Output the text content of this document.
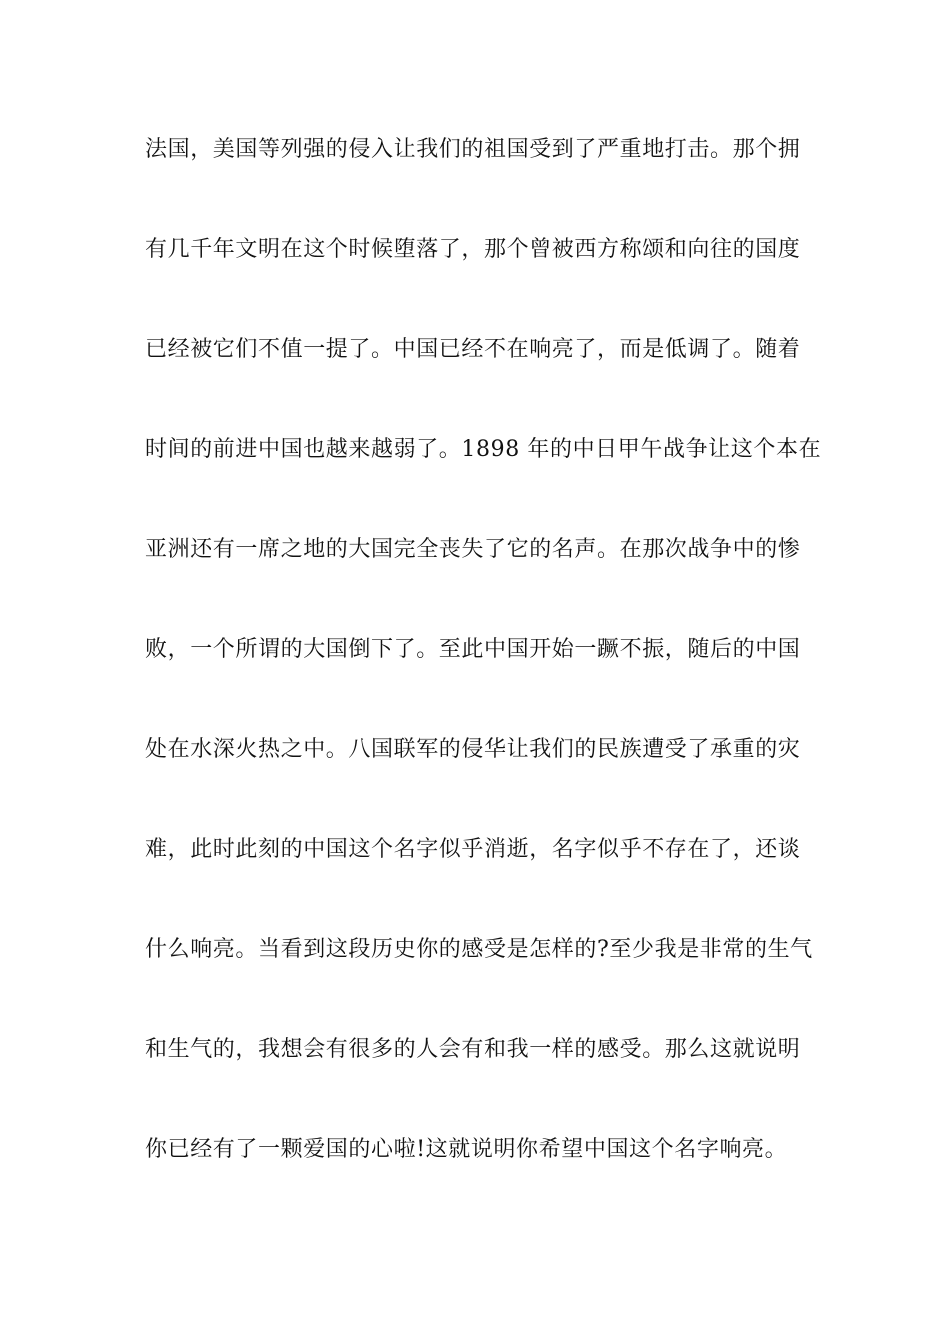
法国，美国等列强的侵入让我们的祖国受到了严重地打击。那个拥
有几千年文明在这个时候堕落了，那个曾被西方称颂和向往的国度
已经被它们不值一提了。中国已经不在响亮了，而是低调了。随着
时间的前进中国也越来越弱了。1898 年的中日甲午战争让这个本在
亚洲还有一席之地的大国完全丧失了它的名声。在那次战争中的惨
败，一个所谓的大国倒下了。至此中国开始一蹶不振，随后的中国
处在水深火热之中。八国联军的侵华让我们的民族遭受了承重的灾
难，此时此刻的中国这个名字似乎消逝，名字似乎不存在了，还谈
什么响亮。当看到这段历史你的感受是怎样的?至少我是非常的生气
和生气的，我想会有很多的人会有和我一样的感受。那么这就说明
你已经有了一颗爱国的心啦!这就说明你希望中国这个名字响亮。
